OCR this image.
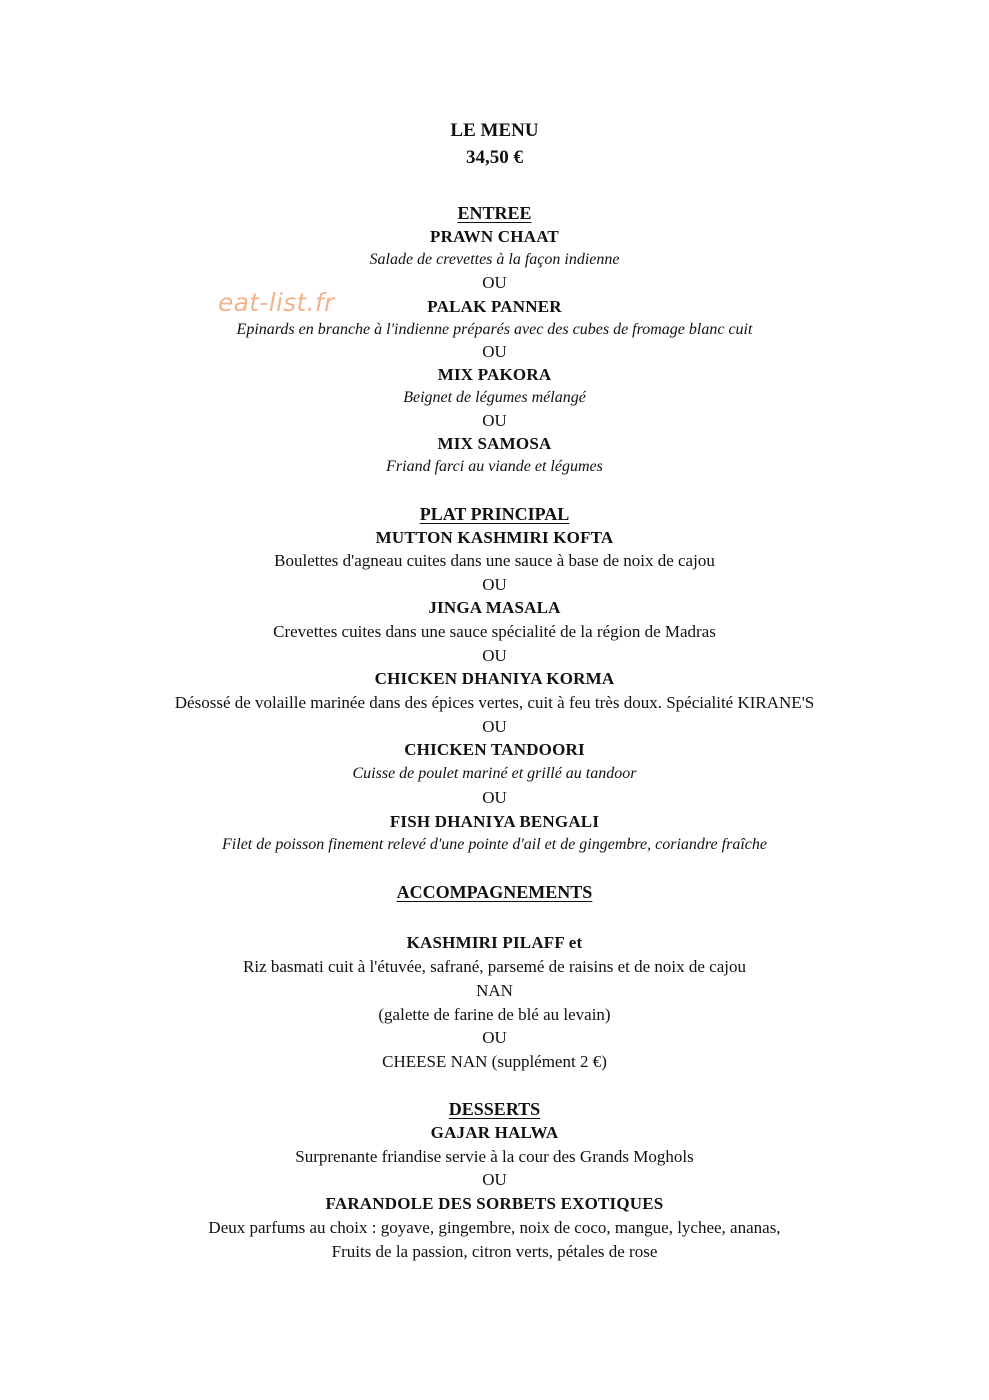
eat-list.fr
LE MENU
34,50 €
ENTREE
PRAWN CHAAT
Salade de crevettes à la façon indienne
OU
PALAK PANNER
Epinards en branche à l'indienne préparés avec des cubes de fromage blanc cuit
OU
MIX PAKORA
Beignet de légumes mélangé
OU
MIX SAMOSA
Friand farci au viande et légumes
PLAT PRINCIPAL
MUTTON KASHMIRI KOFTA
Boulettes d'agneau cuites dans une sauce à base de noix de cajou
OU
JINGA MASALA
Crevettes cuites dans une sauce spécialité de la région de Madras
OU
CHICKEN DHANIYA KORMA
Désossé de volaille marinée dans des épices vertes, cuit à feu très doux. Spécialité KIRANE'S
OU
CHICKEN TANDOORI
Cuisse de poulet mariné et grillé au tandoor
OU
FISH DHANIYA BENGALI
Filet de poisson finement relevé d'une pointe d'ail et de gingembre, coriandre fraîche
ACCOMPAGNEMENTS
KASHMIRI PILAFF et
Riz basmati cuit à l'étuvée, safrané, parsemé de raisins et de noix de cajou
NAN
(galette de farine de blé au levain)
OU
CHEESE NAN (supplément 2 €)
DESSERTS
GAJAR HALWA
Surprenante friandise servie à la cour des Grands Moghols
OU
FARANDOLE DES SORBETS EXOTIQUES
Deux parfums au choix : goyave, gingembre, noix de coco, mangue, lychee, ananas,
Fruits de la passion, citron verts, pétales de rose
